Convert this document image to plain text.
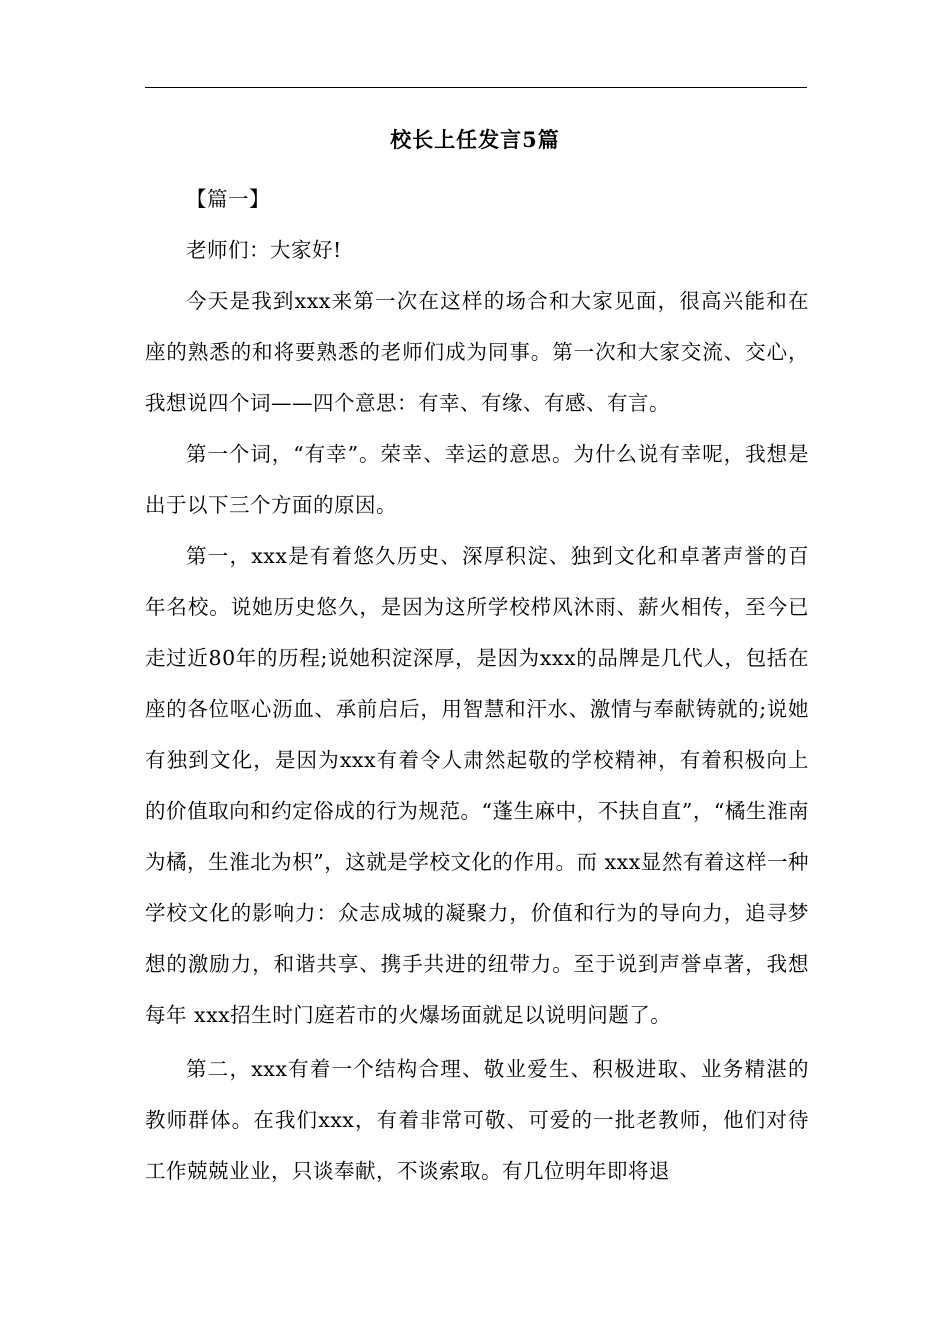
校长上任发言5篇

【篇一】

老师们：大家好!

今天是我到xxx来第一次在这样的场合和大家见面，很高兴能和在座的熟悉的和将要熟悉的老师们成为同事。第一次和大家交流、交心，我想说四个词——四个意思：有幸、有缘、有感、有言。

第一个词，“有幸”。荣幸、幸运的意思。为什么说有幸呢，我想是出于以下三个方面的原因。

第一，xxx是有着悠久历史、深厚积淀、独到文化和卓著声誉的百年名校。说她历史悠久，是因为这所学校栉风沐雨、薪火相传，至今已走过近80年的历程;说她积淀深厚，是因为xxx的品牌是几代人，包括在座的各位呕心沥血、承前启后，用智慧和汗水、激情与奉献铸就的;说她有独到文化，是因为xxx有着令人肃然起敬的学校精神，有着积极向上的价值取向和约定俗成的行为规范。“蓬生麻中，不扶自直”，“橘生淮南为橘，生淮北为枳”，这就是学校文化的作用。而 xxx显然有着这样一种学校文化的影响力：众志成城的凝聚力，价值和行为的导向力，追寻梦想的激励力，和谐共享、携手共进的纽带力。至于说到声誉卓著，我想每年 xxx招生时门庭若市的火爆场面就足以说明问题了。

第二，xxx有着一个结构合理、敬业爱生、积极进取、业务精湛的教师群体。在我们xxx，有着非常可敬、可爱的一批老教师，他们对待工作兢兢业业，只谈奉献，不谈索取。有几位明年即将退
